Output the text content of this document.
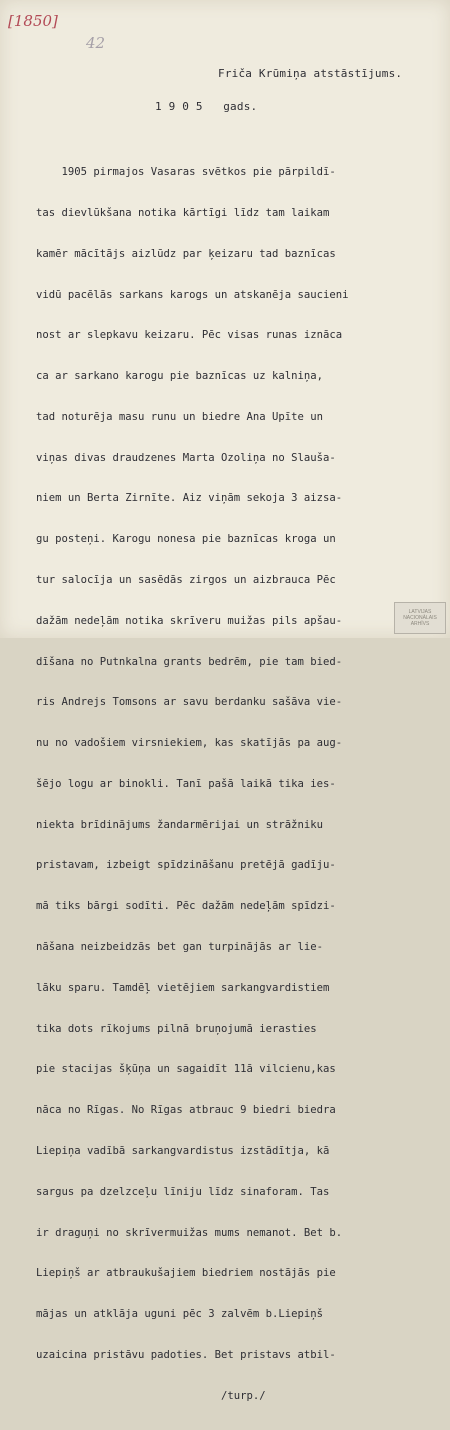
[1850]
42
Friča Krūmiņa atstāstījums.
1 9 0 5   gads.

1905 pirmajos Vasaras svētkos pie pārpildī-

tas dievlūkšana notika kārtīgi līdz tam laikam

kamēr mācītājs aizlūdz par ķeizaru tad baznīcas

vidū pacēlās sarkans karogs un atskanēja saucieni

nost ar slepkavu keizaru. Pēc visas runas iznāca

ca ar sarkano karogu pie baznīcas uz kalniņa,

tad noturēja masu runu un biedre Ana Upīte un

viņas divas draudzenes Marta Ozoliņa no Slauša-

niem un Berta Zirnīte. Aiz viņām sekoja 3 aizsa-

gu posteņi. Karogu nonesa pie baznīcas kroga un

tur salocīja un sasēdās zirgos un aizbrauca Pēc

dažām nedeļām notika skrīveru muižas pils apšau-

dīšana no Putnkalna grants bedrēm, pie tam bied-

ris Andrejs Tomsons ar savu berdanku sašāva vie-

nu no vadošiem virsniekiem, kas skatījās pa aug-

šējo logu ar binokli. Tanī pašā laikā tika ies-

niekta brīdinājums žandarmērijai un strāžniku

pristavam, izbeigt spīdzināšanu pretējā gadīju-

mā tiks bārgi sodīti. Pēc dažām nedeļām spīdzi-

nāšana neizbeidzās bet gan turpinājās ar lie-

lāku sparu. Tamdēļ vietējiem sarkangvardistiem

tika dots rīkojums pilnā bruņojumā ierasties

pie stacijas šķūņa un sagaidīt 11ā vilcienu,kas

nāca no Rīgas. No Rīgas atbrauc 9 biedri biedra

Liepiņa vadībā sarkangvardistus izstādītja, kā

sargus pa dzelzceļu līniju līdz sinaforam. Tas

ir draguņi no skrīvermuižas mums nemanot. Bet b.

Liepiņš ar atbraukušajiem biedriem nostājās pie

mājas un atklāja uguni pēc 3 zalvēm b.Liepiņš

uzaicina pristāvu padoties. Bet pristavs atbil-

/turp./

LATVIJAS NACIONĀLAIS ARHĪVS
